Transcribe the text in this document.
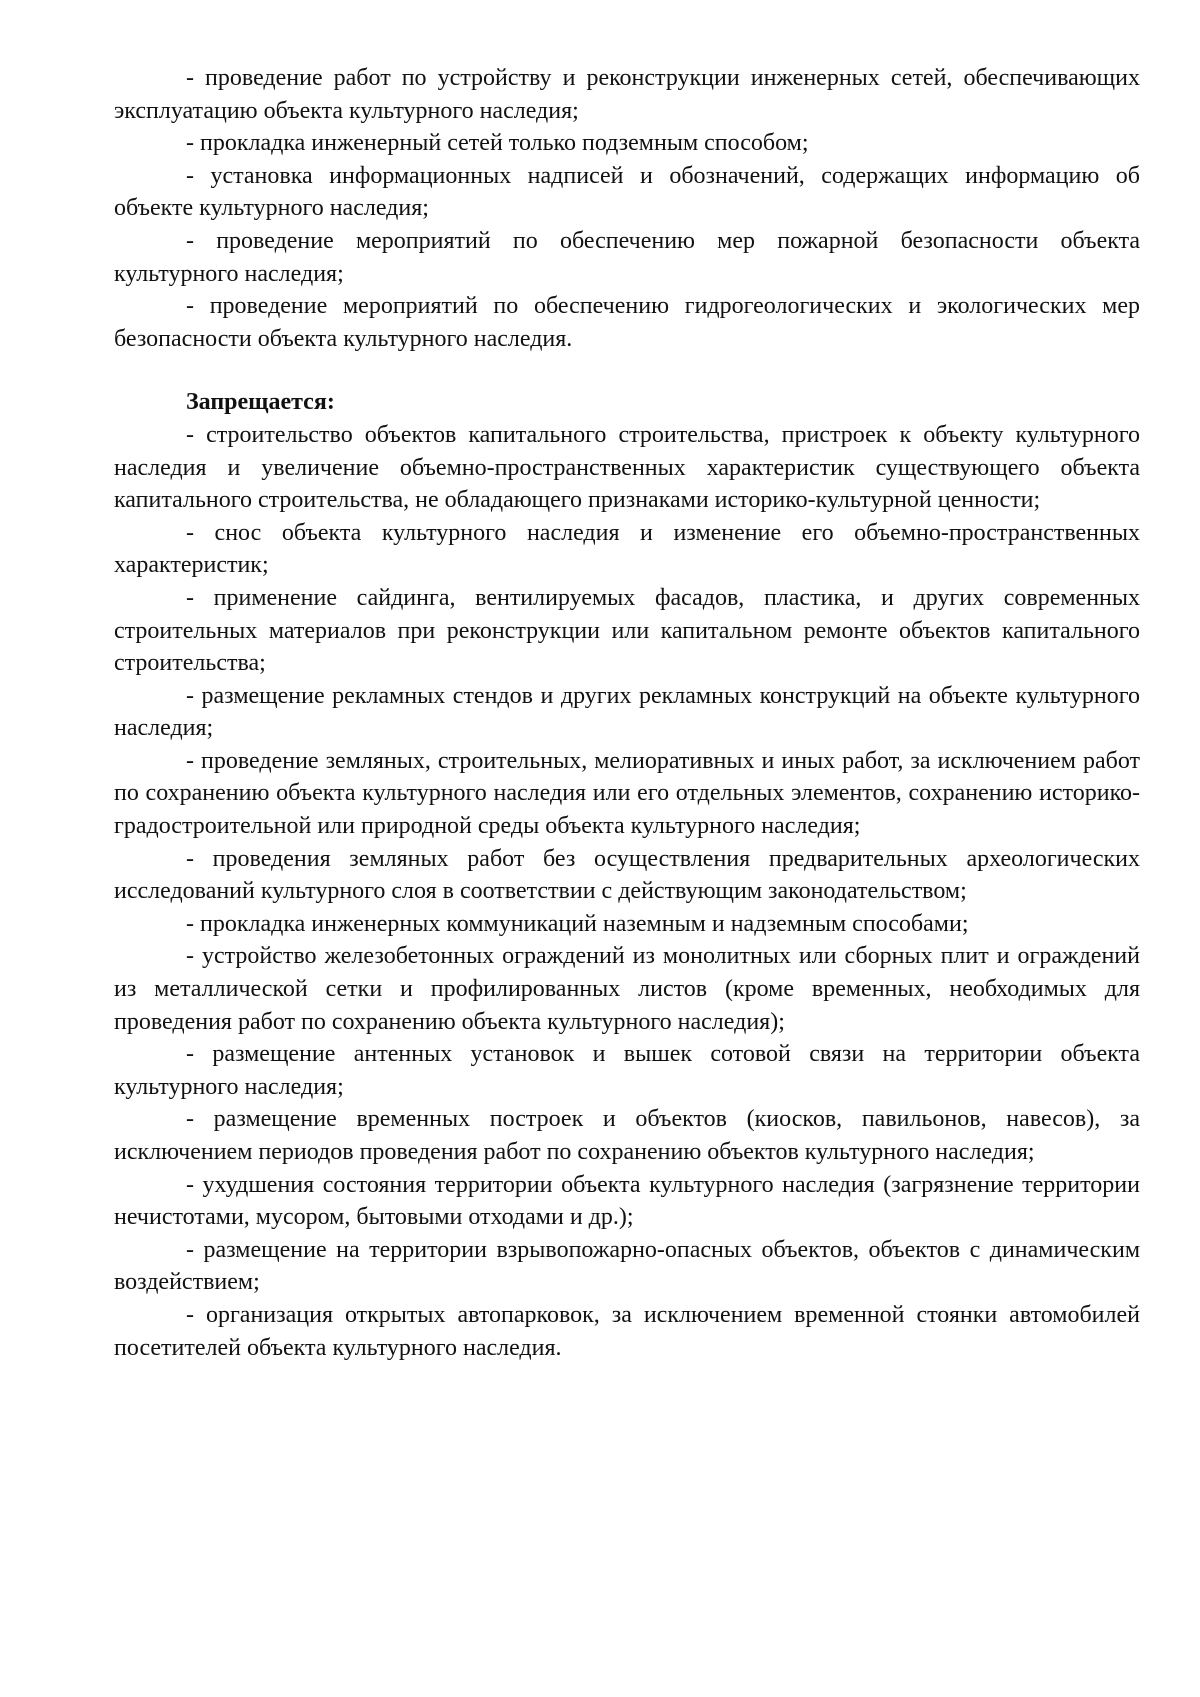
- проведение работ по устройству и реконструкции инженерных сетей, обеспечивающих эксплуатацию объекта культурного наследия;

- прокладка инженерный сетей только подземным способом;

- установка информационных надписей и обозначений, содержащих информацию об объекте культурного наследия;

- проведение мероприятий по обеспечению мер пожарной безопасности объекта культурного наследия;

- проведение мероприятий по обеспечению гидрогеологических и экологических мер безопасности объекта культурного наследия.

Запрещается:

- строительство объектов капитального строительства, пристроек к объекту культурного наследия и увеличение объемно-пространственных характеристик существующего объекта капитального строительства, не обладающего признаками историко-культурной ценности;

- снос объекта культурного наследия и изменение его объемно-пространственных характеристик;

- применение сайдинга, вентилируемых фасадов, пластика, и других современных строительных материалов при реконструкции или капитальном ремонте объектов капитального строительства;

- размещение рекламных стендов и других рекламных конструкций на объекте культурного наследия;

- проведение земляных, строительных, мелиоративных и иных работ, за исключением работ по сохранению объекта культурного наследия или его отдельных элементов, сохранению историко-градостроительной или природной среды объекта культурного наследия;

- проведения земляных работ без осуществления предварительных археологических исследований культурного слоя в соответствии с действующим законодательством;

- прокладка инженерных коммуникаций наземным и надземным способами;

- устройство железобетонных ограждений из монолитных или сборных плит и ограждений из металлической сетки и профилированных листов (кроме временных, необходимых для проведения работ по сохранению объекта культурного наследия);

- размещение антенных установок и вышек сотовой связи на территории объекта культурного наследия;

- размещение временных построек и объектов (киосков, павильонов, навесов), за исключением периодов проведения работ по сохранению объектов культурного наследия;

- ухудшения состояния территории объекта культурного наследия (загрязнение территории нечистотами, мусором, бытовыми отходами и др.);

- размещение на территории взрывопожарно-опасных объектов, объектов с динамическим воздействием;

- организация открытых автопарковок, за исключением временной стоянки автомобилей посетителей объекта культурного наследия.
